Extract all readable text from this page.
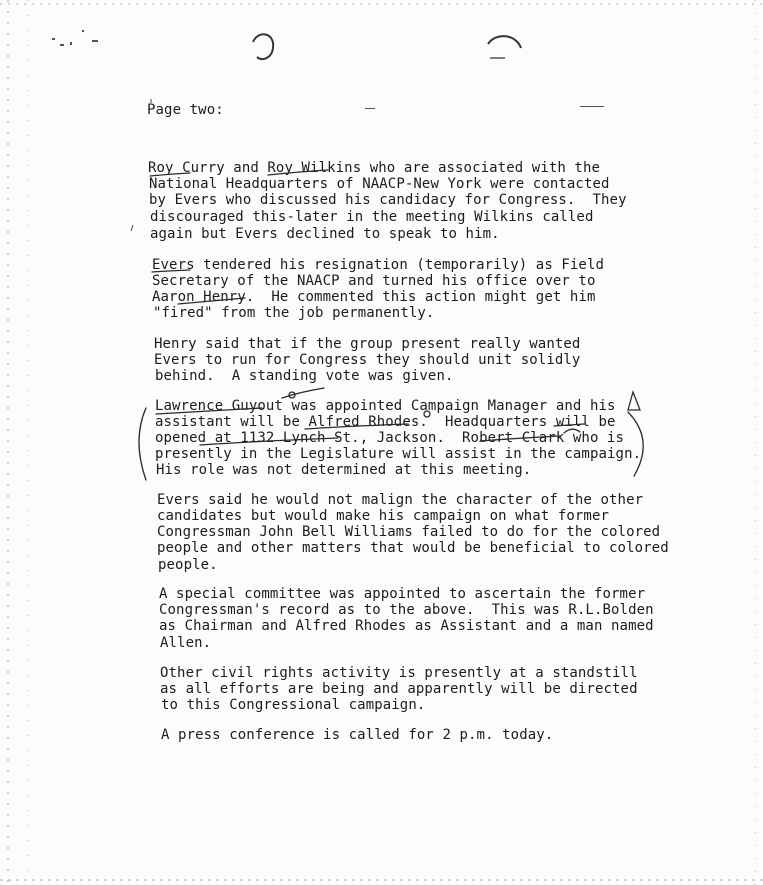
Page two:

Roy Curry and Roy Wilkins who are associated with the

National Headquarters of NAACP-New York were contacted

by Evers who discussed his candidacy for Congress.  They

discouraged this-later in the meeting Wilkins called

again but Evers declined to speak to him.

Evers tendered his resignation (temporarily) as Field

Secretary of the NAACP and turned his office over to

Aaron Henry.  He commented this action might get him

"fired" from the job permanently.

Henry said that if the group present really wanted

Evers to run for Congress they should unit solidly

behind.  A standing vote was given.

Lawrence Guyout was appointed Campaign Manager and his

assistant will be Alfred Rhodes.  Headquarters will be

opened at 1132 Lynch St., Jackson.  Robert Clark who is

presently in the Legislature will assist in the campaign.

His role was not determined at this meeting.

Evers said he would not malign the character of the other

candidates but would make his campaign on what former

Congressman John Bell Williams failed to do for the colored

people and other matters that would be beneficial to colored

people.

A special committee was appointed to ascertain the former

Congressman's record as to the above.  This was R.L.Bolden

as Chairman and Alfred Rhodes as Assistant and a man named

Allen.

Other civil rights activity is presently at a standstill

as all efforts are being and apparently will be directed

to this Congressional campaign.

A press conference is called for 2 p.m. today.
